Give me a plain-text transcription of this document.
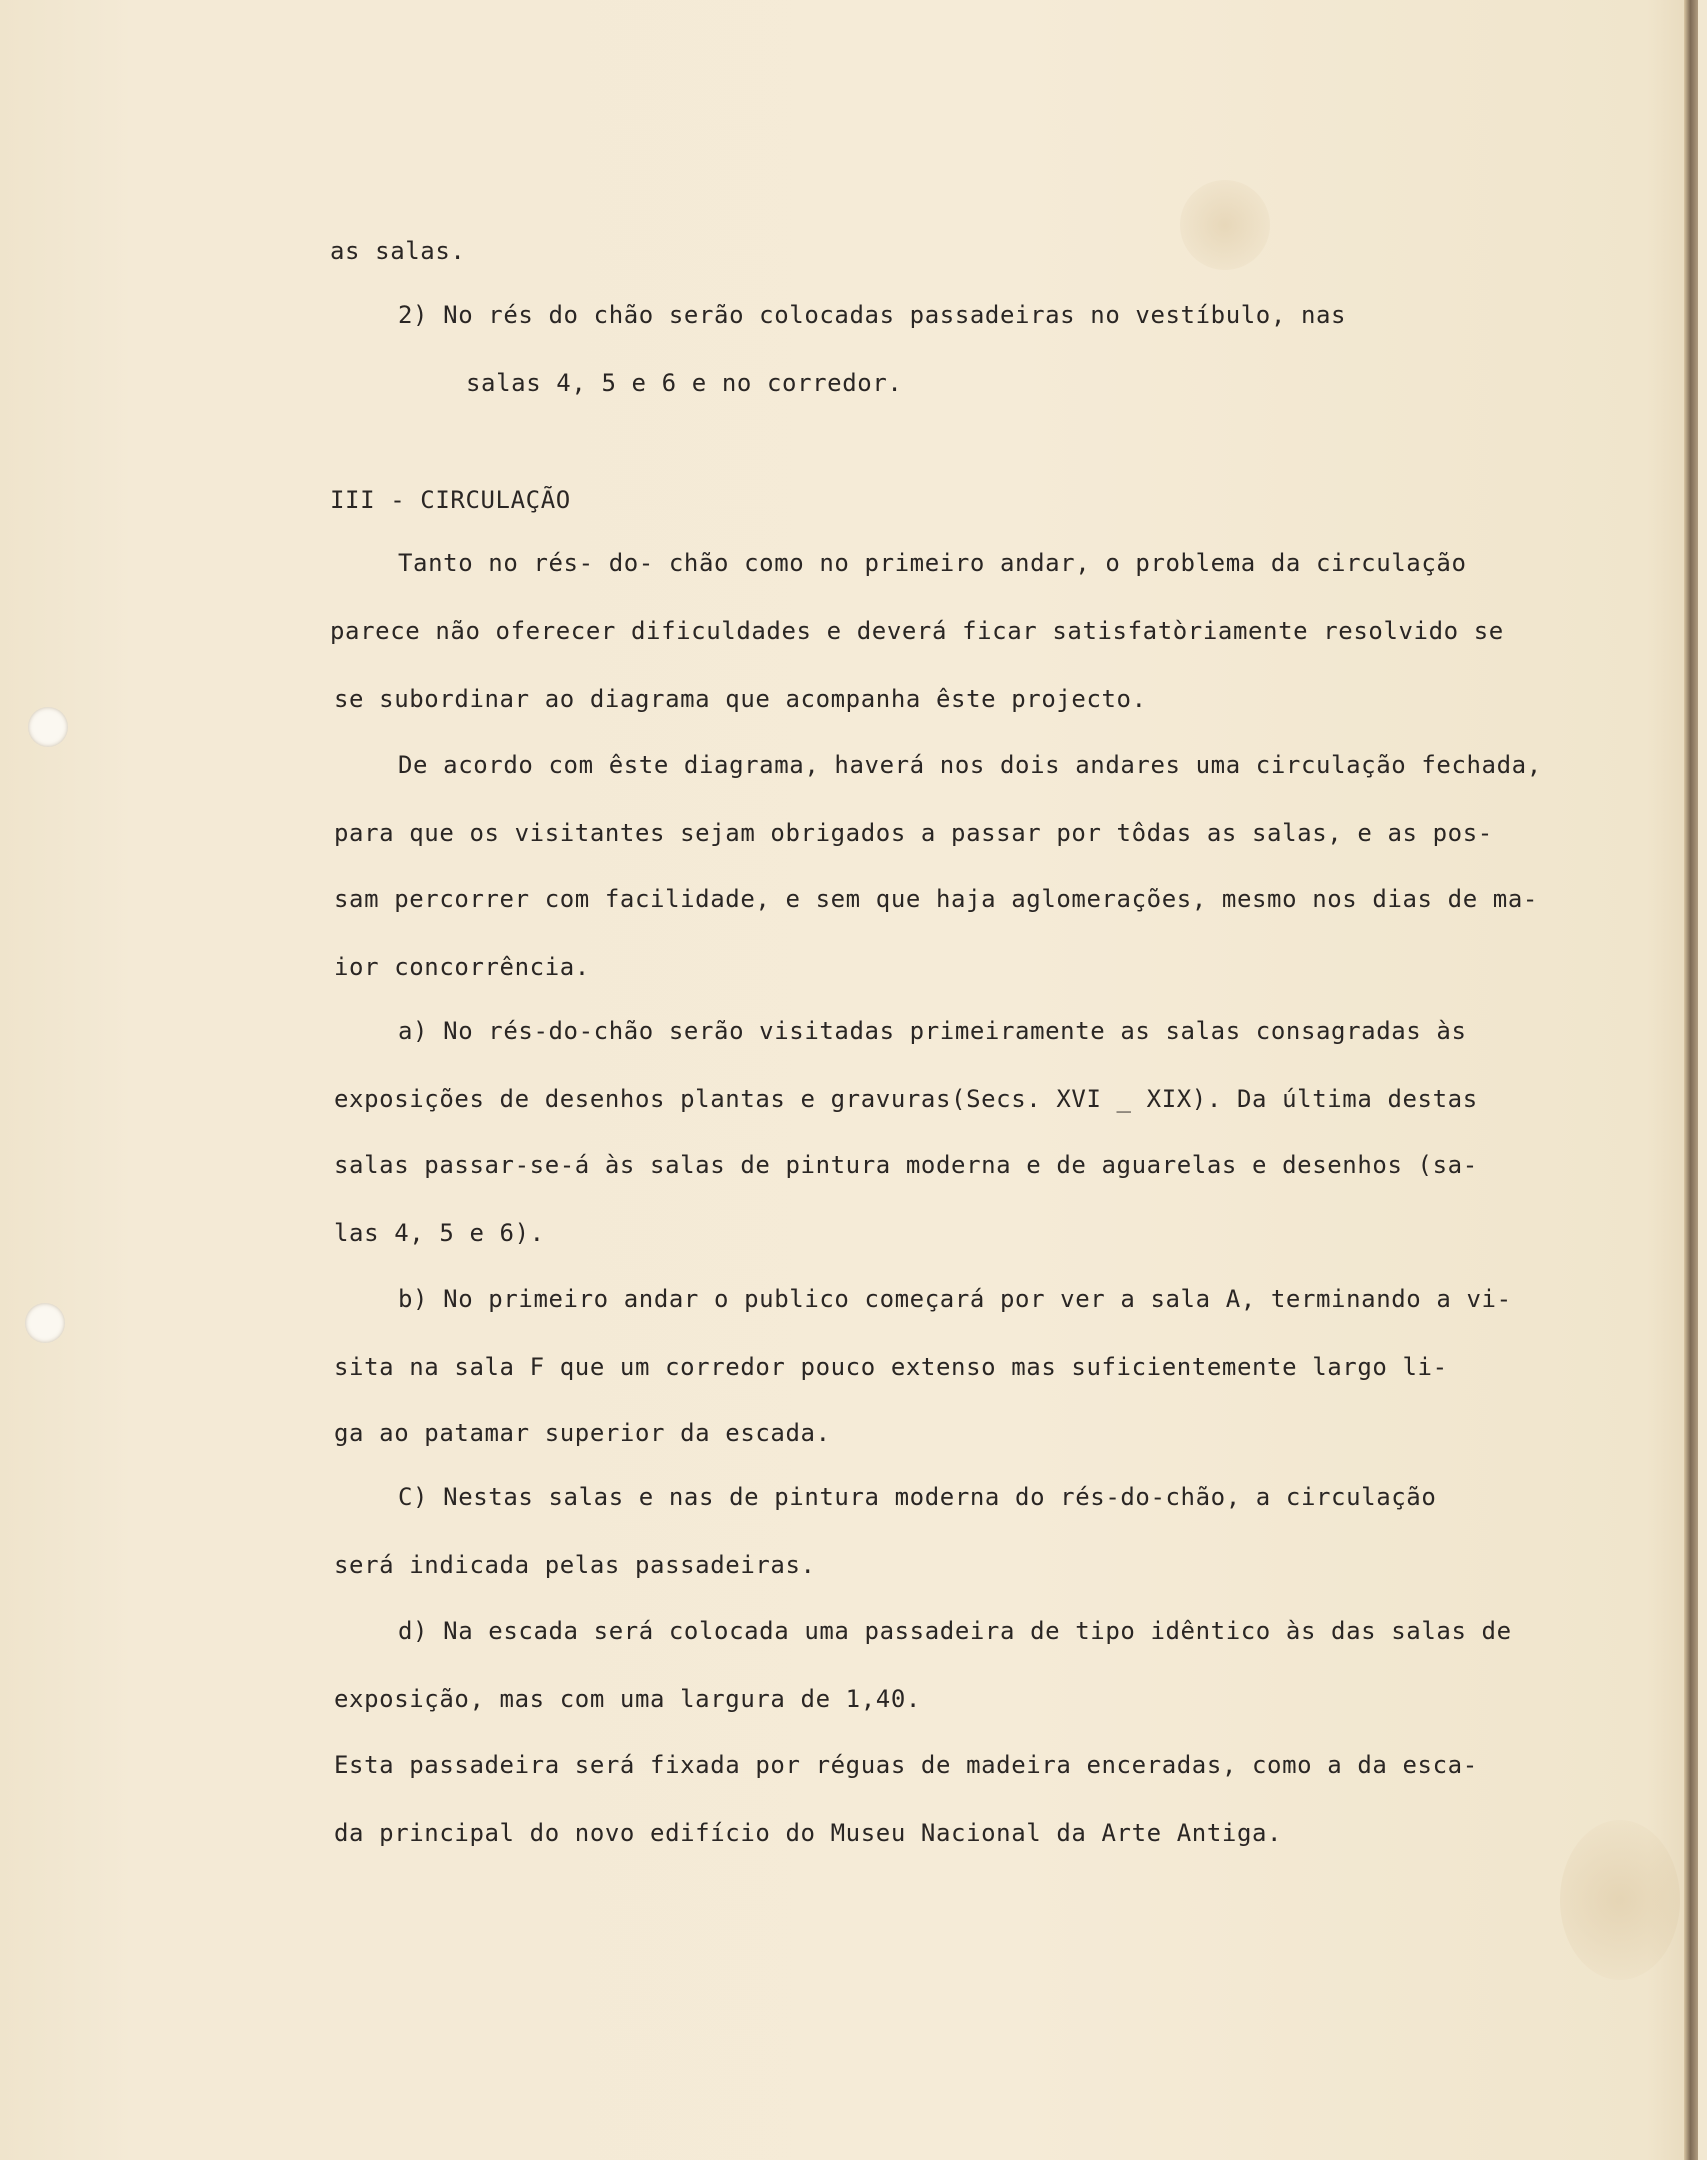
as salas.
2) No rés do chão serão colocadas passadeiras no vestíbulo, nas
salas 4, 5 e 6 e no corredor.
III - CIRCULAÇÃO
Tanto no rés- do- chão como no primeiro andar, o problema da circulação
parece não oferecer dificuldades e deverá ficar satisfatòriamente resolvido se
se subordinar ao diagrama que acompanha êste projecto.
De acordo com êste diagrama, haverá nos dois andares uma circulação fechada,
para que os visitantes sejam obrigados a passar por tôdas as salas, e as pos-
sam percorrer com facilidade, e sem que haja aglomerações, mesmo nos dias de ma-
ior concorrência.
a) No rés-do-chão serão visitadas primeiramente as salas consagradas às
exposições de desenhos plantas e gravuras(Secs. XVI _ XIX). Da última destas
salas passar-se-á às salas de pintura moderna e de aguarelas e desenhos (sa-
las 4, 5 e 6).
b) No primeiro andar o publico começará por ver a sala A, terminando a vi-
sita na sala F que um corredor pouco extenso mas suficientemente largo li-
ga ao patamar superior da escada.
C) Nestas salas e nas de pintura moderna do rés-do-chão, a circulação
será indicada pelas passadeiras.
d) Na escada será colocada uma passadeira de tipo idêntico às das salas de
exposição, mas com uma largura de 1,40.
Esta passadeira será fixada por réguas de madeira enceradas, como a da esca-
da principal do novo edifício do Museu Nacional da Arte Antiga.
